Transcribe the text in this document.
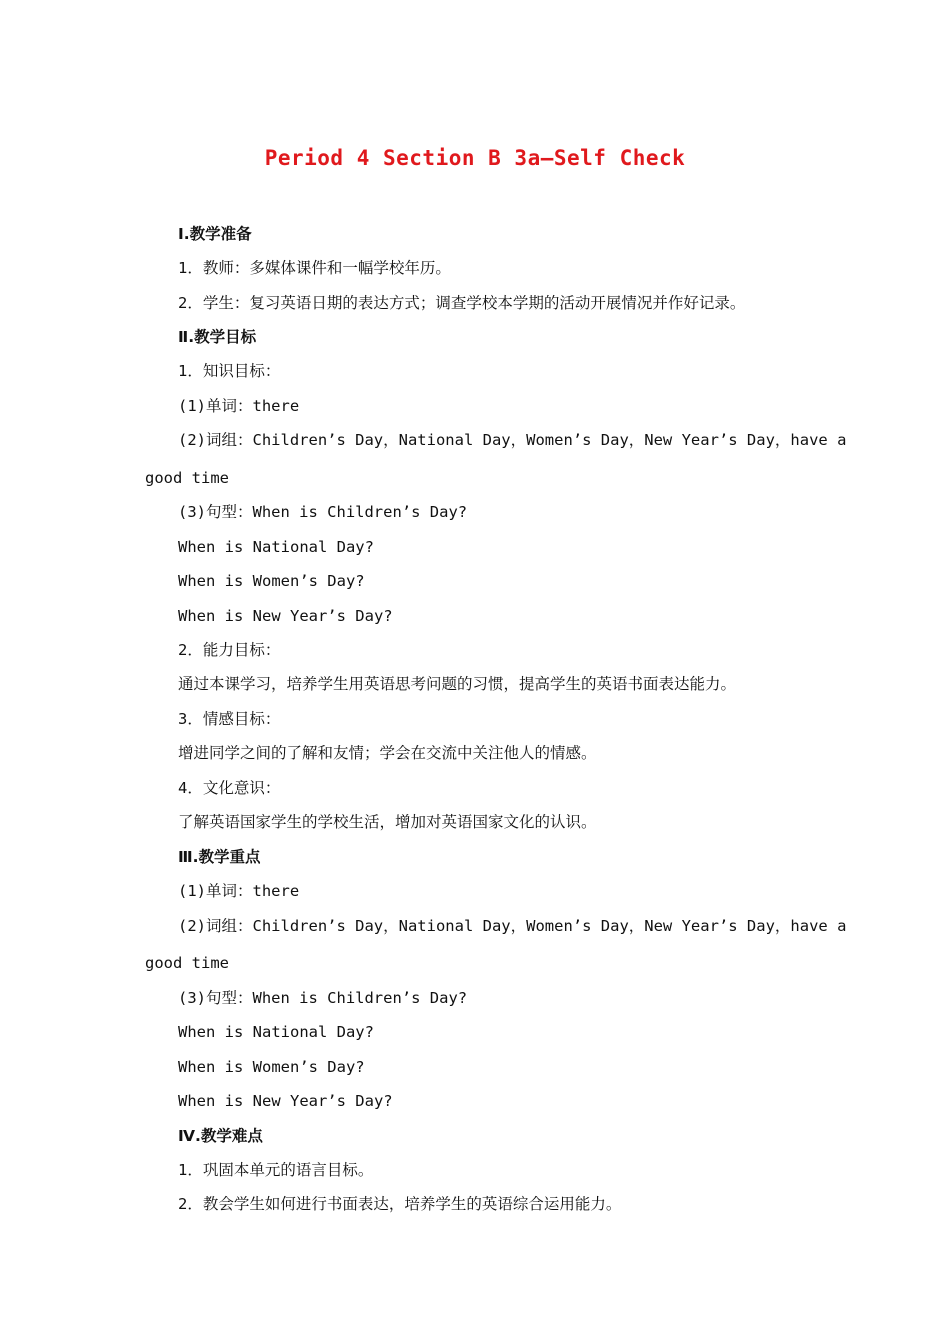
Period 4 Section B 3a—Self Check
Ⅰ.教学准备
1．教师：多媒体课件和一幅学校年历。
2．学生：复习英语日期的表达方式；调查学校本学期的活动开展情况并作好记录。
Ⅱ.教学目标
1．知识目标：
(1)单词：there
(2)词组：Children’s Day，National Day，Women’s Day，New Year’s Day，have a
good time
(3)句型：When is Children’s Day?
When is National Day?
When is Women’s Day?
When is New Year’s Day?
2．能力目标：
通过本课学习，培养学生用英语思考问题的习惯，提高学生的英语书面表达能力。
3．情感目标：
增进同学之间的了解和友情；学会在交流中关注他人的情感。
4．文化意识：
了解英语国家学生的学校生活，增加对英语国家文化的认识。
Ⅲ.教学重点
(1)单词：there
(2)词组：Children’s Day，National Day，Women’s Day，New Year’s Day，have a
good time
(3)句型：When is Children’s Day?
When is National Day?
When is Women’s Day?
When is New Year’s Day?
Ⅳ.教学难点
1．巩固本单元的语言目标。
2．教会学生如何进行书面表达，培养学生的英语综合运用能力。
